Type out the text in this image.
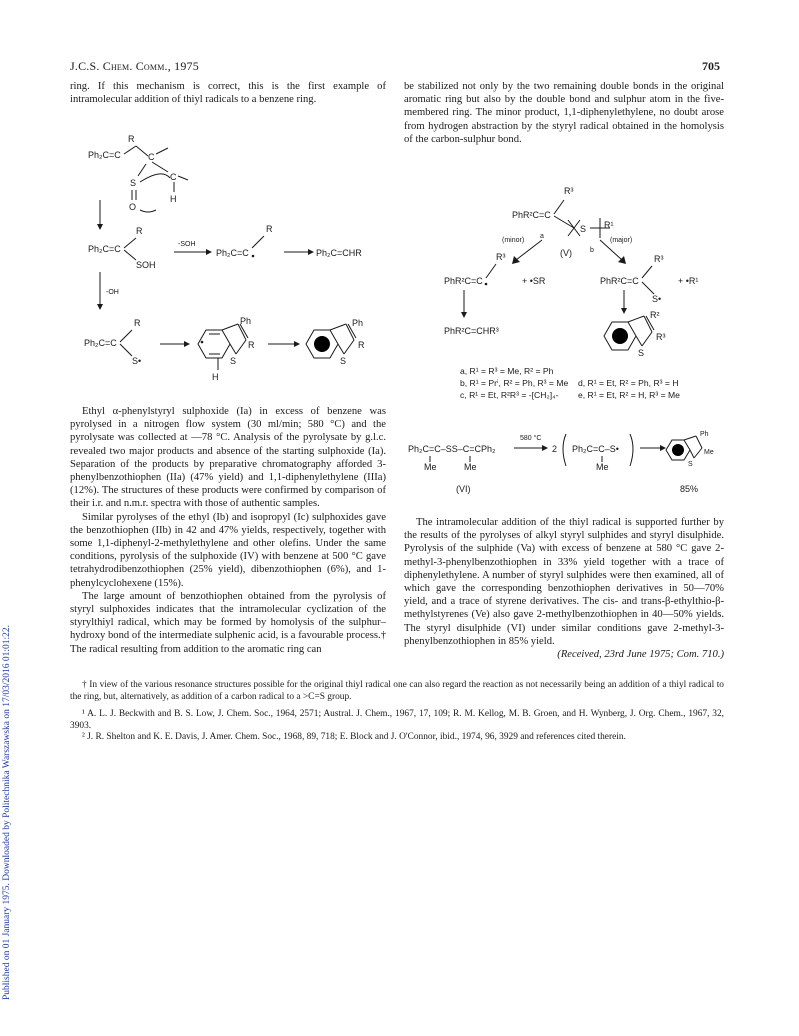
Published on 01 January 1975. Downloaded by Politechnika Warszawska on 17/03/2016 01:01:22.
J.C.S. Chem. Comm., 1975	705

ring. If this mechanism is correct, this is the first example of intramolecular addition of thiyl radicals to a benzene ring.

Ph₂C=C
R
C
C
H
S
O
Ph₂C=C
R
SOH
-SOH
Ph₂C=C
R
Ph₂C=CHR
-OH
Ph₂C=C
R
S•
Ph
R
S
H
Ph
R
S

Ethyl α-phenylstyryl sulphoxide (Ia) in excess of benzene was pyrolysed in a nitrogen flow system (30 ml/min; 580 °C) and the pyrolysate was collected at —78 °C. Analysis of the pyrolysate by g.l.c. revealed two major products and absence of the starting sulphoxide (Ia). Separation of the products by preparative chromatography afforded 3-phenylbenzothiophen (IIa) (47% yield) and 1,1-diphenylethylene (IIIa) (12%). The structures of these products were confirmed by comparison of their i.r. and n.m.r. spectra with those of authentic samples.

Similar pyrolyses of the ethyl (Ib) and isopropyl (Ic) sulphoxides gave the benzothiophen (IIb) in 42 and 47% yields, respectively, together with some 1,1-diphenyl-2-methylethylene and other olefins. Under the same conditions, pyrolysis of the sulphoxide (IV) with benzene at 500 °C gave tetrahydrodibenzothiophen (25% yield), dibenzothiophen (6%), and 1-phenylcyclohexene (15%).

The large amount of benzothiophen obtained from the pyrolysis of styryl sulphoxides indicates that the intramolecular cyclization of the styrylthiyl radical, which may be formed by homolysis of the sulphur–hydroxy bond of the intermediate sulphenic acid, is a favourable process.† The radical resulting from addition to the aromatic ring can

be stabilized not only by the two remaining double bonds in the original aromatic ring but also by the double bond and sulphur atom in the five-membered ring. The minor product, 1,1-diphenylethylene, no doubt arose from hydrogen abstraction by the styryl radical obtained in the homolysis of the carbon-sulphur bond.

PhR²C=C
R³
S R¹
(minor)
a
(major)
b
(V)
PhR²C=C
R³
+ •SR	PhR²C=C
R³
S•
+ •R¹
PhR²C=CHR³
R²
R³
S
a, R¹ = R³ = Me, R² = Ph
b, R¹ = Prⁱ, R² = Ph, R³ = Me
c, R¹ = Et, R²R³ = -[CH₂]₄-
d, R¹ = Et, R² = Ph, R³ = H
e, R¹ = Et, R² = H, R³ = Me
Ph₂C=C–SS–C=CPh₂
Me	Me
580 °C
2 Ph₂C=C–S•
Me
Ph
Me
S
(VI)	85%

The intramolecular addition of the thiyl radical is supported further by the results of the pyrolyses of alkyl styryl sulphides and styryl disulphide. Pyrolysis of the sulphide (Va) with excess of benzene at 580 °C gave 2-methyl-3-phenylbenzothiophen in 33% yield together with a trace of diphenylethylene. A number of styryl sulphides were then examined, all of which gave the corresponding benzothiophen derivatives in 50—70% yield, and a trace of styrene derivatives. The cis- and trans-β-ethylthio-β-methylstyrenes (Ve) also gave 2-methylbenzothiophen in 40—50% yields. The styryl disulphide (VI) under similar conditions gave 2-methyl-3-phenylbenzothiophen in 85% yield.

(Received, 23rd June 1975; Com. 710.)

† In view of the various resonance structures possible for the original thiyl radical one can also regard the reaction as not necessarily being an addition of a thiyl radical to the ring, but, alternatively, as addition of a carbon radical to a >C=S group.

¹ A. L. J. Beckwith and B. S. Low, J. Chem. Soc., 1964, 2571; Austral. J. Chem., 1967, 17, 109; R. M. Kellog, M. B. Groen, and H. Wynberg, J. Org. Chem., 1967, 32, 3903.

² J. R. Shelton and K. E. Davis, J. Amer. Chem. Soc., 1968, 89, 718; E. Block and J. O'Connor, ibid., 1974, 96, 3929 and references cited therein.
